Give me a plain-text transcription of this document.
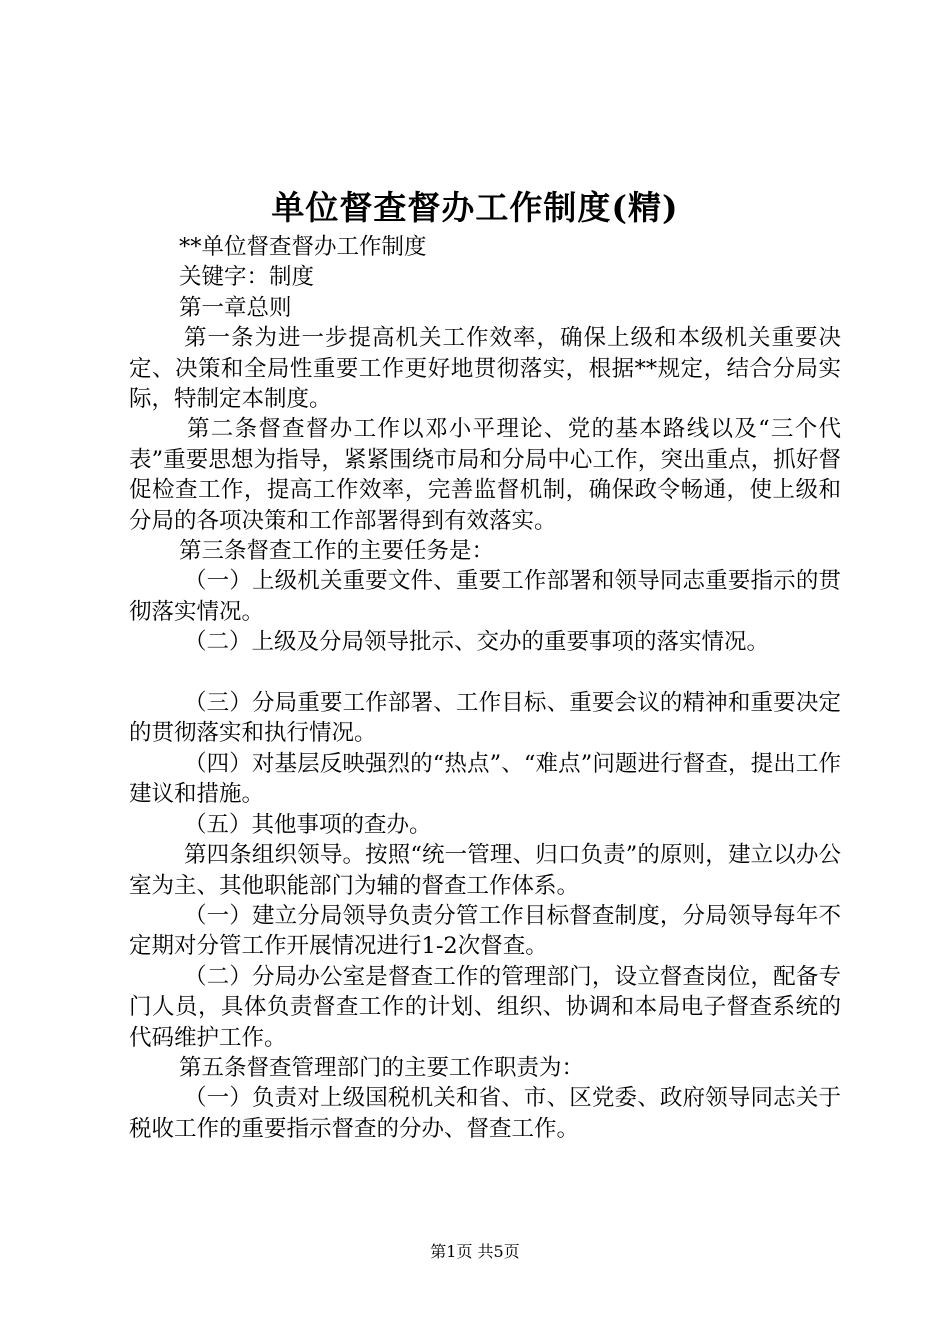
单位督查督办工作制度(精)

**单位督查督办工作制度

关键字：制度

第一章总则

第一条为进一步提高机关工作效率，确保上级和本级机关重要决定、决策和全局性重要工作更好地贯彻落实，根据**规定，结合分局实际，特制定本制度。

第二条督查督办工作以邓小平理论、党的基本路线以及“三个代表”重要思想为指导，紧紧围绕市局和分局中心工作，突出重点，抓好督促检查工作，提高工作效率，完善监督机制，确保政令畅通，使上级和分局的各项决策和工作部署得到有效落实。

第三条督查工作的主要任务是：

（一）上级机关重要文件、重要工作部署和领导同志重要指示的贯彻落实情况。

（二）上级及分局领导批示、交办的重要事项的落实情况。

（三）分局重要工作部署、工作目标、重要会议的精神和重要决定的贯彻落实和执行情况。

（四）对基层反映强烈的“热点”、“难点”问题进行督查，提出工作建议和措施。

（五）其他事项的查办。

第四条组织领导。按照“统一管理、归口负责”的原则，建立以办公室为主、其他职能部门为辅的督查工作体系。

（一）建立分局领导负责分管工作目标督查制度，分局领导每年不定期对分管工作开展情况进行1-2次督查。

（二）分局办公室是督查工作的管理部门，设立督查岗位，配备专门人员，具体负责督查工作的计划、组织、协调和本局电子督查系统的代码维护工作。

第五条督查管理部门的主要工作职责为：

（一）负责对上级国税机关和省、市、区党委、政府领导同志关于税收工作的重要指示督查的分办、督查工作。

第1页 共5页
